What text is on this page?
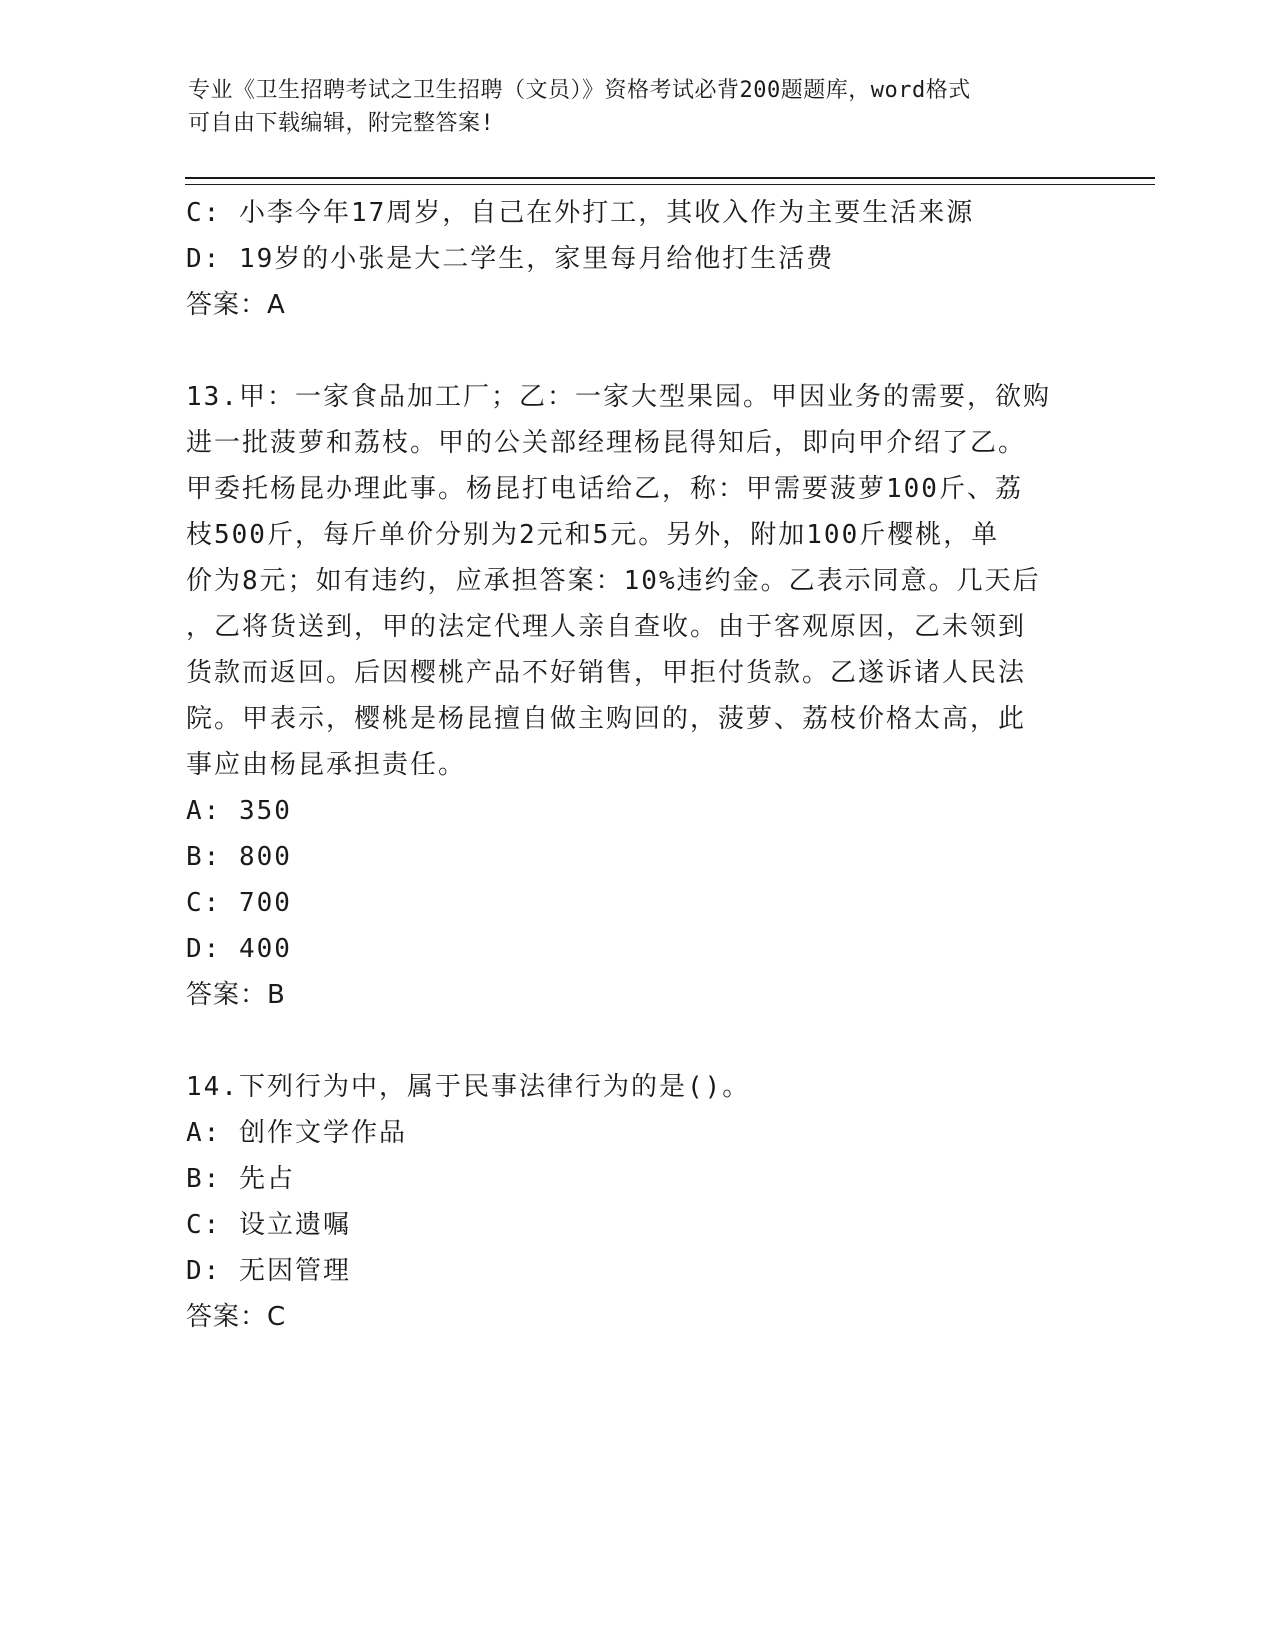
专业《卫生招聘考试之卫生招聘（文员）》资格考试必背200题题库，word格式
可自由下载编辑，附完整答案!
C: 小李今年17周岁，自己在外打工，其收入作为主要生活来源
D: 19岁的小张是大二学生，家里每月给他打生活费
答案：A
13.甲：一家食品加工厂；乙：一家大型果园。甲因业务的需要，欲购
进一批菠萝和荔枝。甲的公关部经理杨昆得知后，即向甲介绍了乙。
甲委托杨昆办理此事。杨昆打电话给乙，称：甲需要菠萝100斤、荔
枝500斤，每斤单价分别为2元和5元。另外，附加100斤樱桃，单
价为8元；如有违约，应承担答案：10%违约金。乙表示同意。几天后
，乙将货送到，甲的法定代理人亲自查收。由于客观原因，乙未领到
货款而返回。后因樱桃产品不好销售，甲拒付货款。乙遂诉诸人民法
院。甲表示，樱桃是杨昆擅自做主购回的，菠萝、荔枝价格太高，此
事应由杨昆承担责任。
A: 350
B: 800
C: 700
D: 400
答案：B
14.下列行为中，属于民事法律行为的是()。
A: 创作文学作品
B: 先占
C: 设立遗嘱
D: 无因管理
答案：C
